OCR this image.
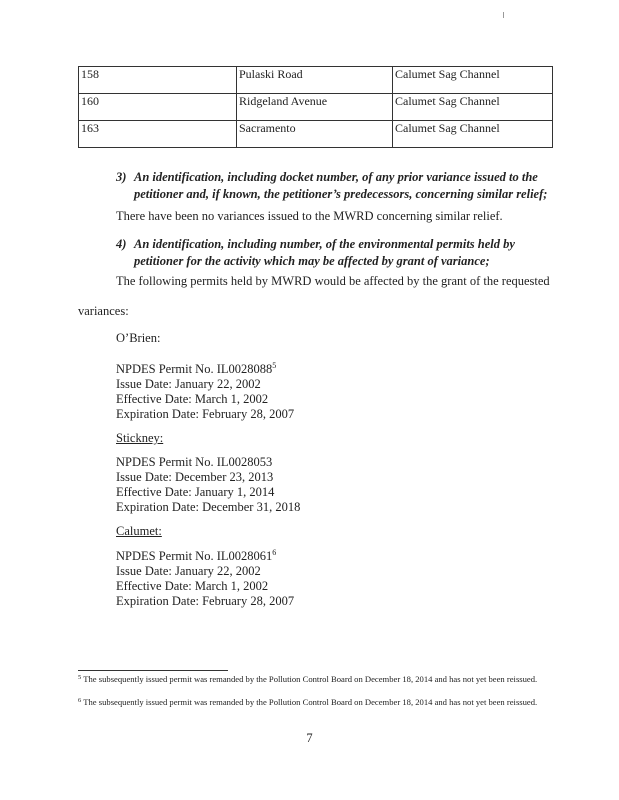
158	Pulaski Road	Calumet Sag Channel
160	Ridgeland Avenue	Calumet Sag Channel
163	Sacramento	Calumet Sag Channel
3) An identification, including docket number, of any prior variance issued to the
petitioner and, if known, the petitioner’s predecessors, concerning similar relief;
There have been no variances issued to the MWRD concerning similar relief.
4) An identification, including number, of the environmental permits held by
petitioner for the activity which may be affected by grant of variance;
The following permits held by MWRD would be affected by the grant of the requested
variances:
O’Brien:
NPDES Permit No. IL0028088$^5$
Issue Date: January 22, 2002
Effective Date: March 1, 2002
Expiration Date: February 28, 2007
Stickney:
NPDES Permit No. IL0028053
Issue Date: December 23, 2013
Effective Date: January 1, 2014
Expiration Date: December 31, 2018
Calumet:
NPDES Permit No. IL0028061$^6$
Issue Date: January 22, 2002
Effective Date: March 1, 2002
Expiration Date: February 28, 2007
$^5$ The subsequently issued permit was remanded by the Pollution Control Board on December 18, 2014 and has not yet been reissued.
$^6$ The subsequently issued permit was remanded by the Pollution Control Board on December 18, 2014 and has not yet been reissued.
7
